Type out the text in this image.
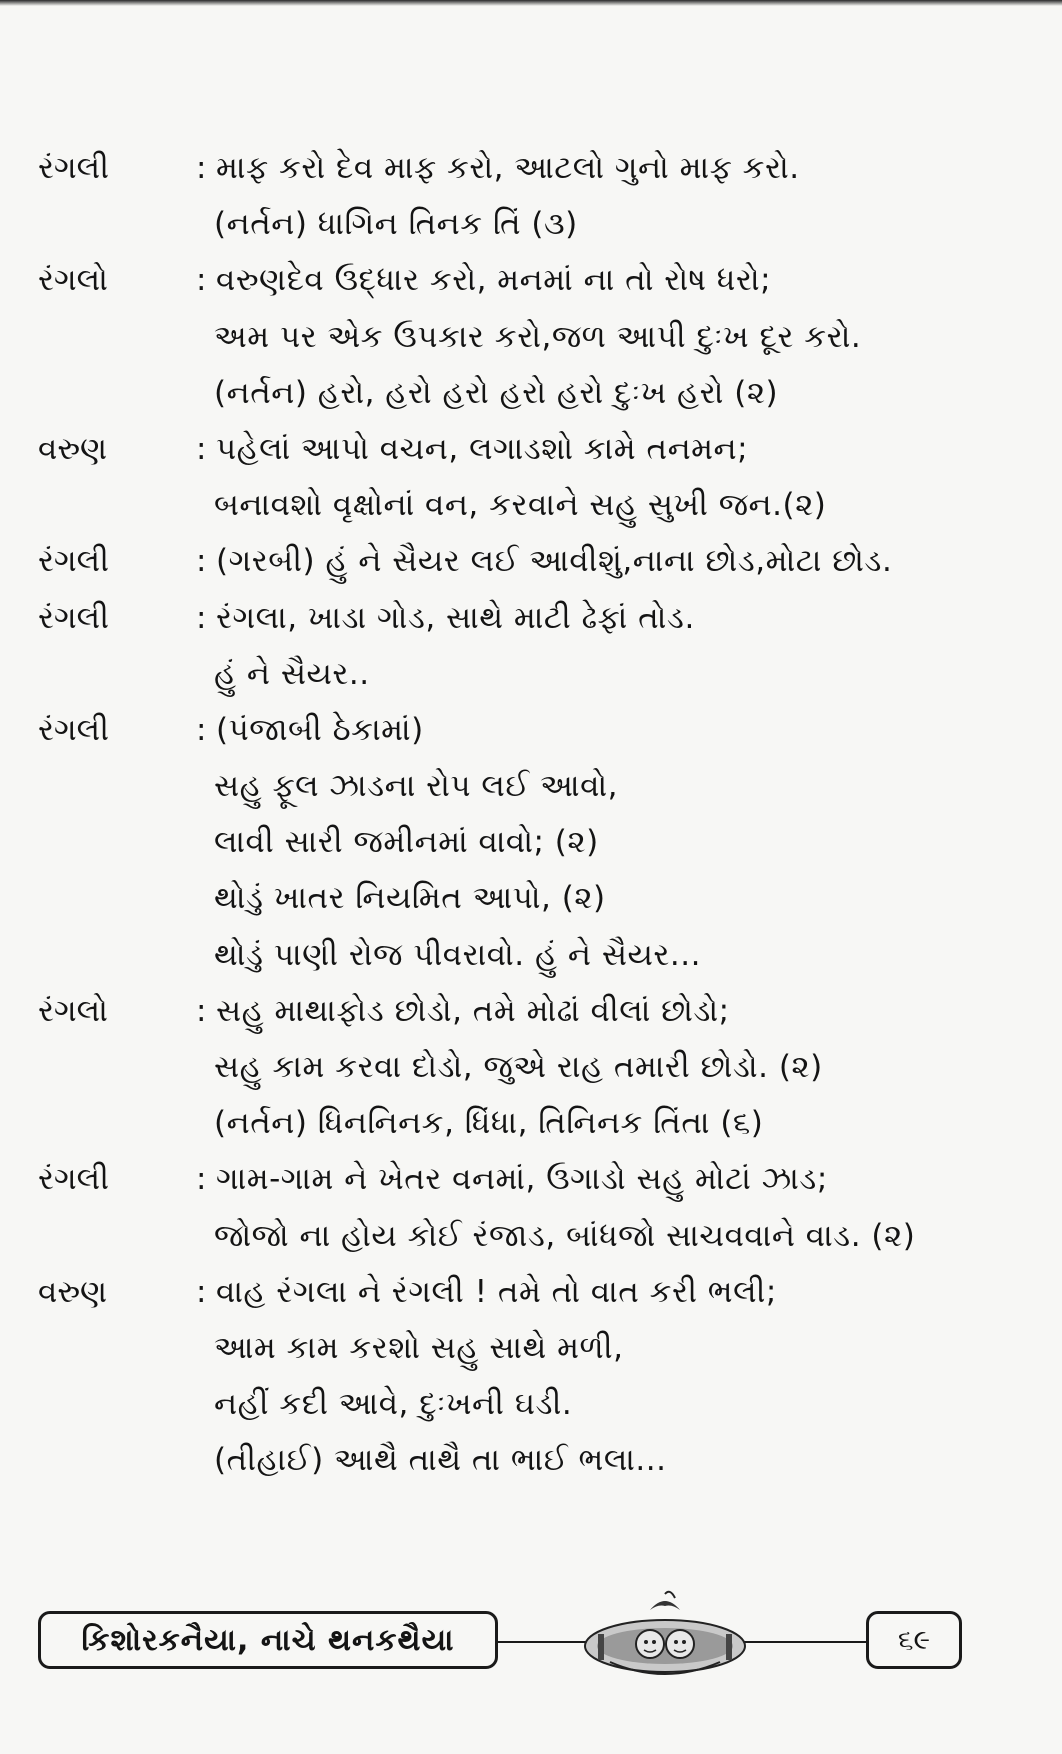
રંગલી	: માફ કરો દેવ માફ કરો, આટલો ગુનો માફ કરો.
(નર્તન) ધાગિન તિનક તિં (૩)
રંગલો	: વરુણદેવ ઉદ્ધાર કરો, મનમાં ના તો રોષ ધરો;
અમ પર એક ઉપકાર કરો,જળ આપી દુઃખ દૂર કરો.
(નર્તન) હરો, હરો હરો હરો હરો દુઃખ હરો (૨)
વરુણ	: પહેલાં આપો વચન, લગાડશો કામે તનમન;
બનાવશો વૃક્ષોનાં વન, કરવાને સહુ સુખી જન.(૨)
રંગલી	: (ગરબી) હું ને સૈયર લઈ આવીશું,નાના છોડ,મોટા છોડ.
રંગલી	: રંગલા, ખાડા ગોડ, સાથે માટી ઢેફાં તોડ.
હું ને સૈયર..
રંગલી	: (પંજાબી ઠેકામાં)
સહુ ફૂલ ઝાડના રોપ લઈ આવો,
લાવી સારી જમીનમાં વાવો; (૨)
થોડું ખાતર નિયમિત આપો, (૨)
થોડું પાણી રોજ પીવરાવો. હું ને સૈયર...
રંગલો	: સહુ માથાફોડ છોડો, તમે મોઢાં વીલાં છોડો;
સહુ કામ કરવા દોડો, જુએ રાહ તમારી છોડો. (૨)
(નર્તન) ધિનનિનક, ધિંધા, તિનિનક તિંતા (૬)
રંગલી	: ગામ-ગામ ને ખેતર વનમાં, ઉગાડો સહુ મોટાં ઝાડ;
જોજો ના હોય કોઈ રંજાડ, બાંધજો સાચવવાને વાડ. (૨)
વરુણ	: વાહ રંગલા ને રંગલી ! તમે તો વાત કરી ભલી;
આમ કામ કરશો સહુ સાથે મળી,
નહીં કદી આવે, દુઃખની ઘડી.
(તીહાઈ) આથૈ તાથૈ તા ભાઈ ભલા...
કિશોરકનૈયા, નાચે થનકથૈયા	૬૯
